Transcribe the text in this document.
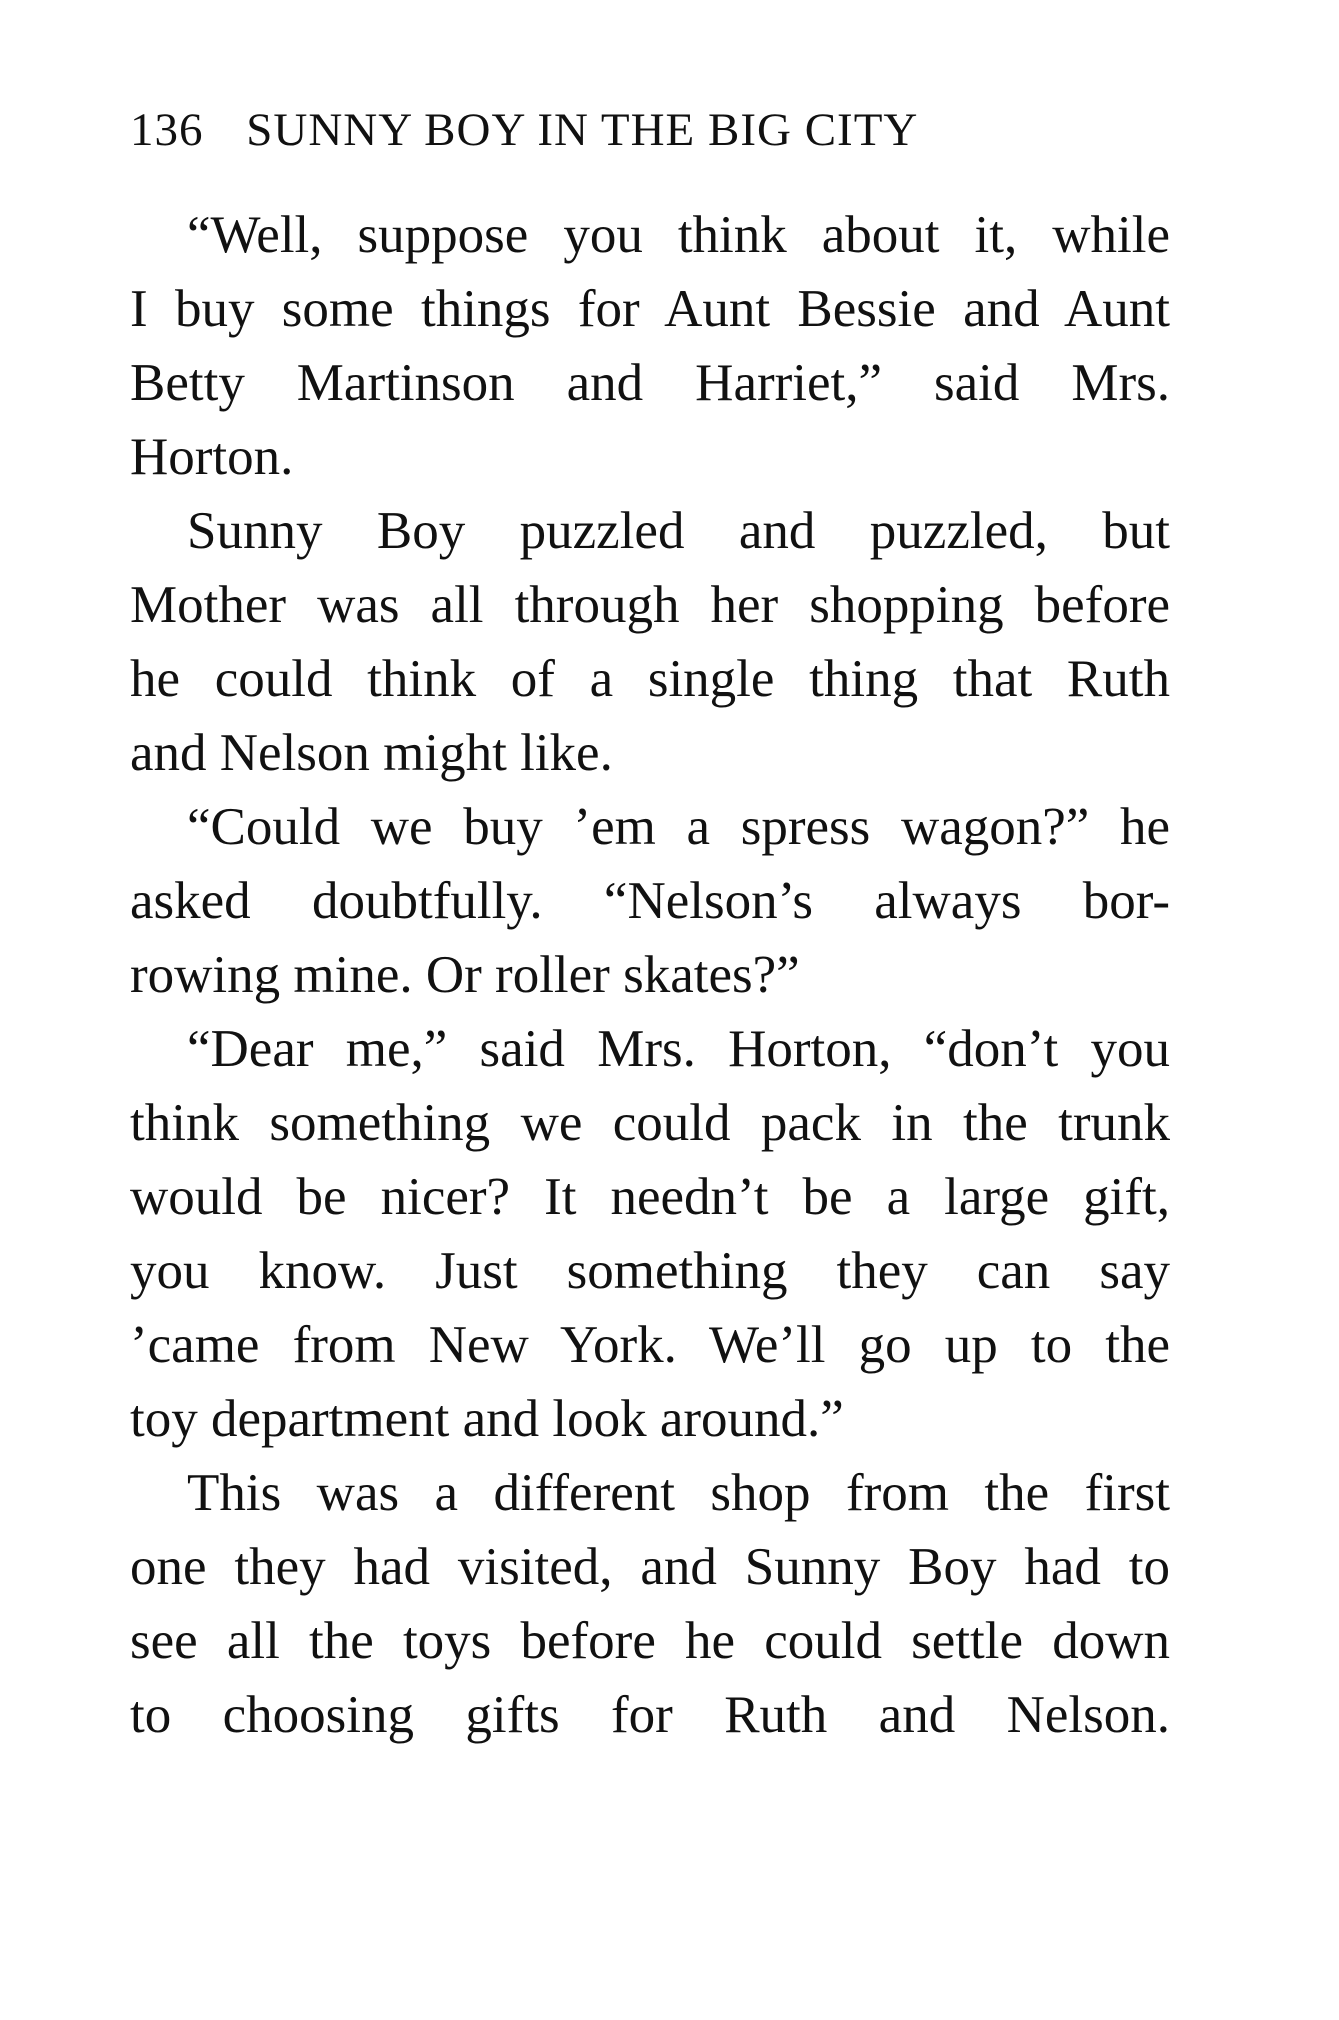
136 SUNNY BOY IN THE BIG CITY
“Well, suppose you think about it, while
I buy some things for Aunt Bessie and Aunt
Betty Martinson and Harriet,” said Mrs.
Horton.
Sunny Boy puzzled and puzzled, but
Mother was all through her shopping before
he could think of a single thing that Ruth
and Nelson might like.
“Could we buy ’em a spress wagon?” he
asked doubtfully. “Nelson’s always bor-
rowing mine. Or roller skates?”
“Dear me,” said Mrs. Horton, “don’t you
think something we could pack in the trunk
would be nicer? It needn’t be a large gift,
you know. Just something they can say
’came from New York. We’ll go up to the
toy department and look around.”
This was a different shop from the first
one they had visited, and Sunny Boy had to
see all the toys before he could settle down
to choosing gifts for Ruth and Nelson.
